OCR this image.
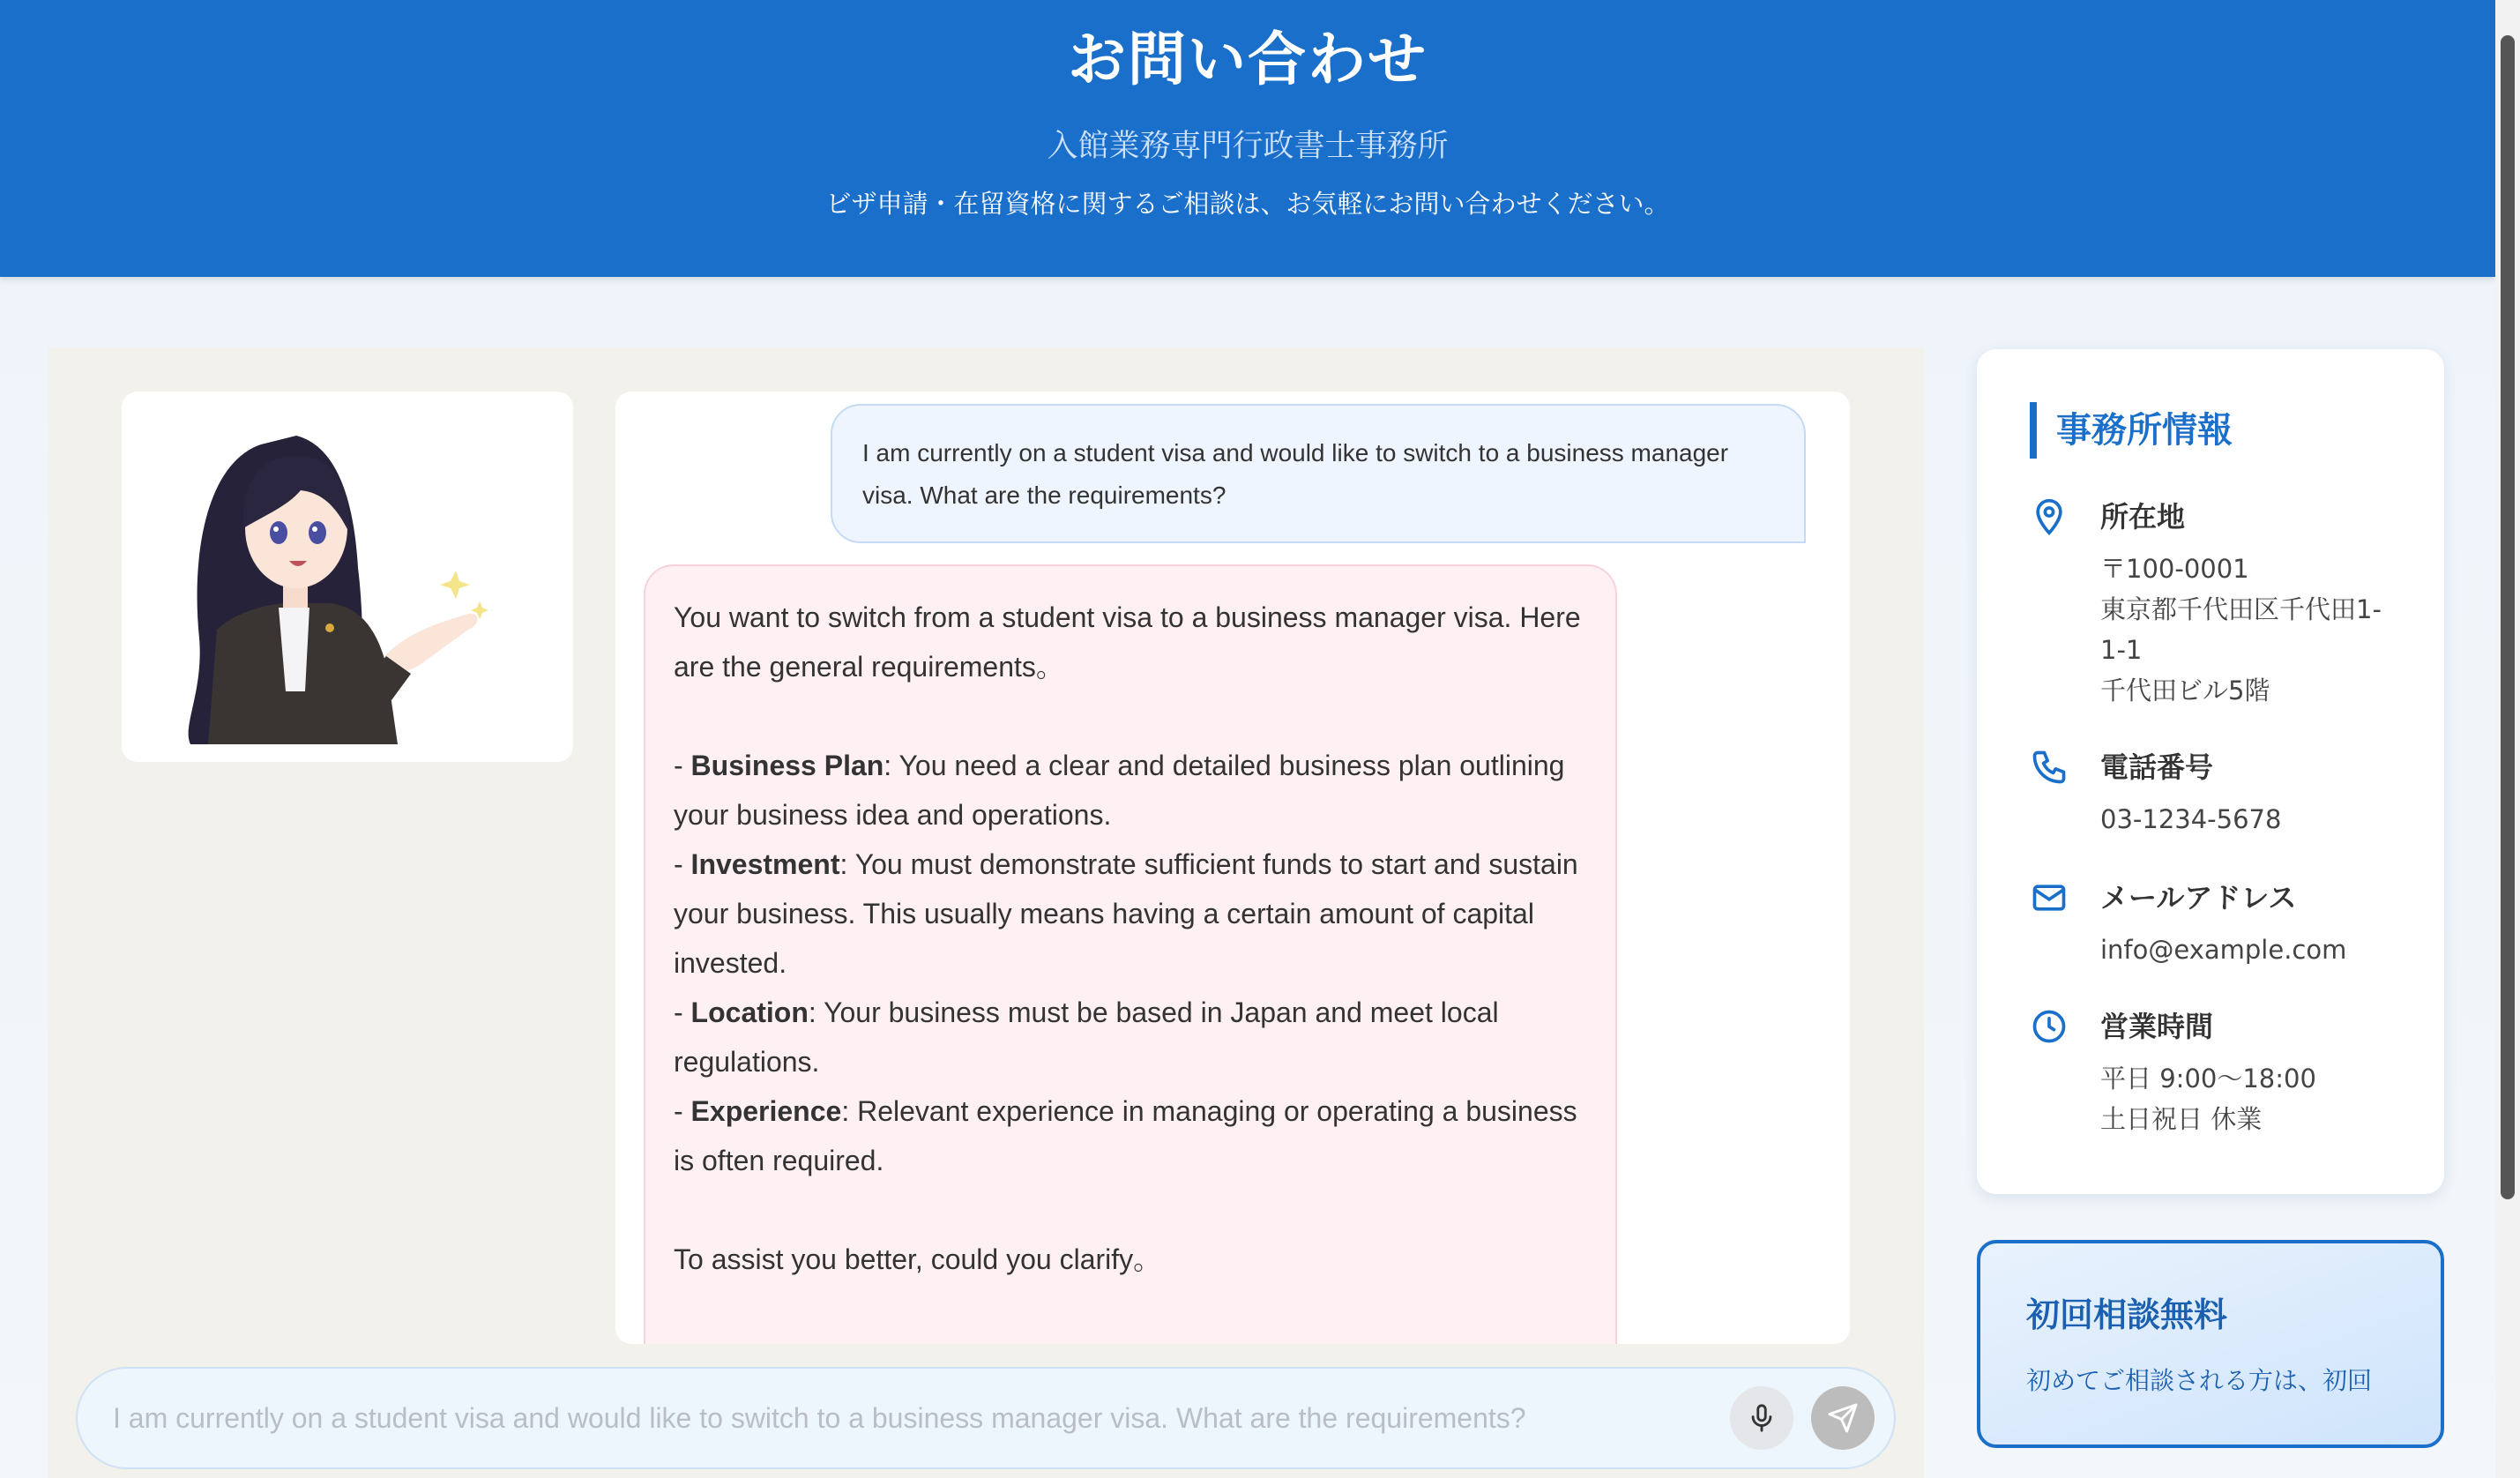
お問い合わせ
入館業務専門行政書士事務所
ビザ申請・在留資格に関するご相談は、お気軽にお問い合わせください。
I am currently on a student visa and would like to switch to a business manager visa. What are the requirements?

You want to switch from a student visa to a business manager visa. Here are the general requirements。

- Business Plan: You need a clear and detailed business plan outlining your business idea and operations.

- Investment: You must demonstrate sufficient funds to start and sustain your business. This usually means having a certain amount of capital invested.

- Location: Your business must be based in Japan and meet local regulations.

- Experience: Relevant experience in managing or operating a business is often required.

To assist you better, could you clarify。

I am currently on a student visa and would like to switch to a business manager visa. What are the requirements?
事務所情報
所在地
〒100-0001
東京都千代田区千代田1-
1-1
千代田ビル5階
電話番号
03-1234-5678
メールアドレス
info@example.com
営業時間
平日 9:00〜18:00
土日祝日 休業
初回相談無料
初めてご相談される方は、初回
